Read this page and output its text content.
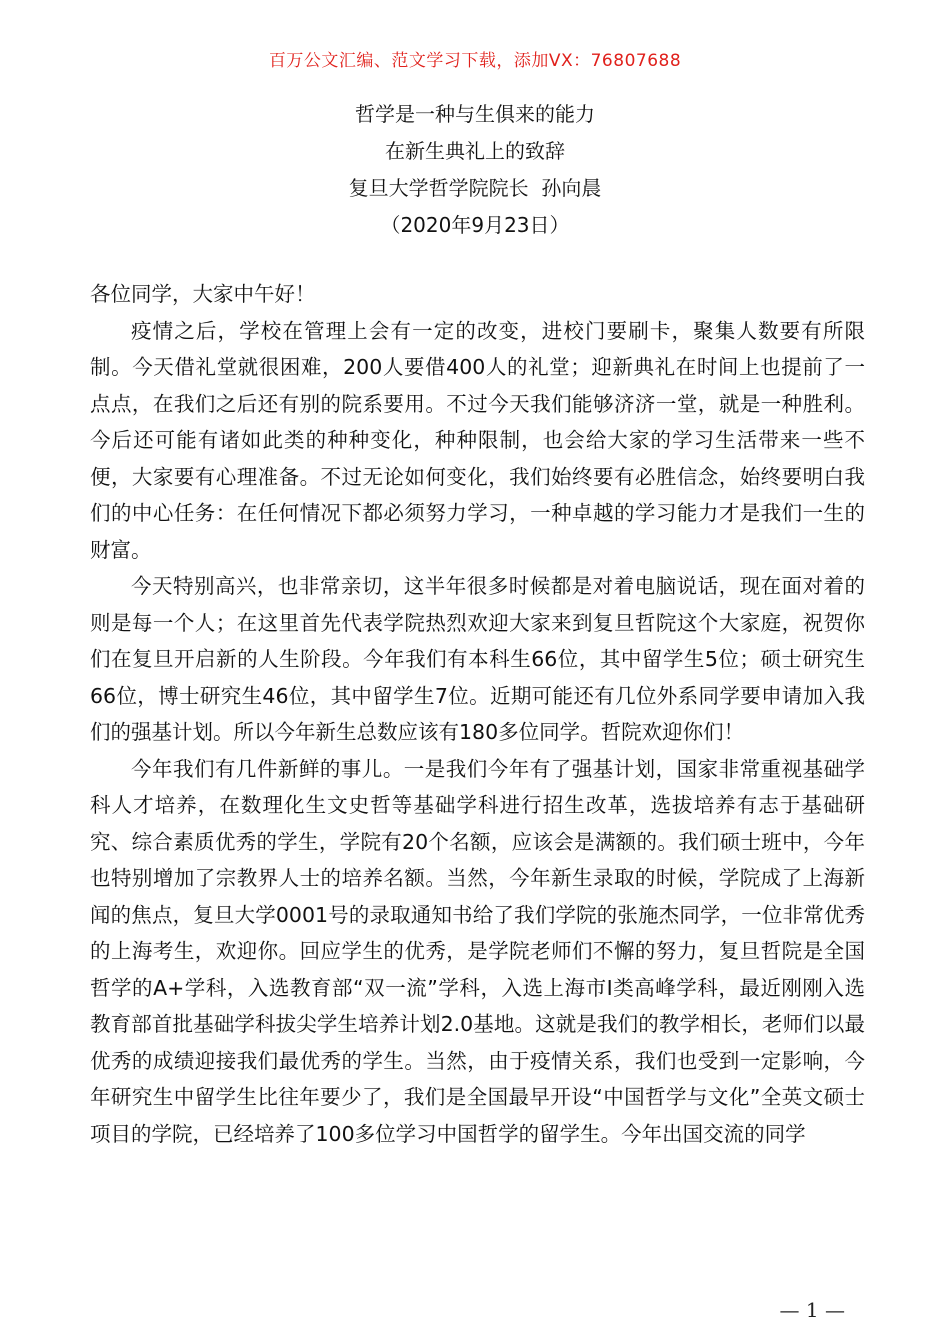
百万公文汇编、范文学习下载，添加VX：76807688
哲学是一种与生俱来的能力
在新生典礼上的致辞
复旦大学哲学院院长  孙向晨
（2020年9月23日）

各位同学，大家中午好！

疫情之后，学校在管理上会有一定的改变，进校门要刷卡，聚集人数要有所限制。今天借礼堂就很困难，200人要借400人的礼堂；迎新典礼在时间上也提前了一点点，在我们之后还有别的院系要用。不过今天我们能够济济一堂，就是一种胜利。今后还可能有诸如此类的种种变化，种种限制，也会给大家的学习生活带来一些不便，大家要有心理准备。不过无论如何变化，我们始终要有必胜信念，始终要明白我们的中心任务：在任何情况下都必须努力学习，一种卓越的学习能力才是我们一生的财富。

今天特别高兴，也非常亲切，这半年很多时候都是对着电脑说话，现在面对着的则是每一个人；在这里首先代表学院热烈欢迎大家来到复旦哲院这个大家庭，祝贺你们在复旦开启新的人生阶段。今年我们有本科生66位，其中留学生5位；硕士研究生66位，博士研究生46位，其中留学生7位。近期可能还有几位外系同学要申请加入我们的强基计划。所以今年新生总数应该有180多位同学。哲院欢迎你们！

今年我们有几件新鲜的事儿。一是我们今年有了强基计划，国家非常重视基础学科人才培养，在数理化生文史哲等基础学科进行招生改革，选拔培养有志于基础研究、综合素质优秀的学生，学院有20个名额，应该会是满额的。我们硕士班中，今年也特别增加了宗教界人士的培养名额。当然，今年新生录取的时候，学院成了上海新闻的焦点，复旦大学0001号的录取通知书给了我们学院的张施杰同学，一位非常优秀的上海考生，欢迎你。回应学生的优秀，是学院老师们不懈的努力，复旦哲院是全国哲学的A+学科，入选教育部“双一流”学科，入选上海市I类高峰学科，最近刚刚入选教育部首批基础学科拔尖学生培养计划2.0基地。这就是我们的教学相长，老师们以最优秀的成绩迎接我们最优秀的学生。当然，由于疫情关系，我们也受到一定影响，今年研究生中留学生比往年要少了，我们是全国最早开设“中国哲学与文化”全英文硕士项目的学院，已经培养了100多位学习中国哲学的留学生。今年出国交流的同学

— 1 —
